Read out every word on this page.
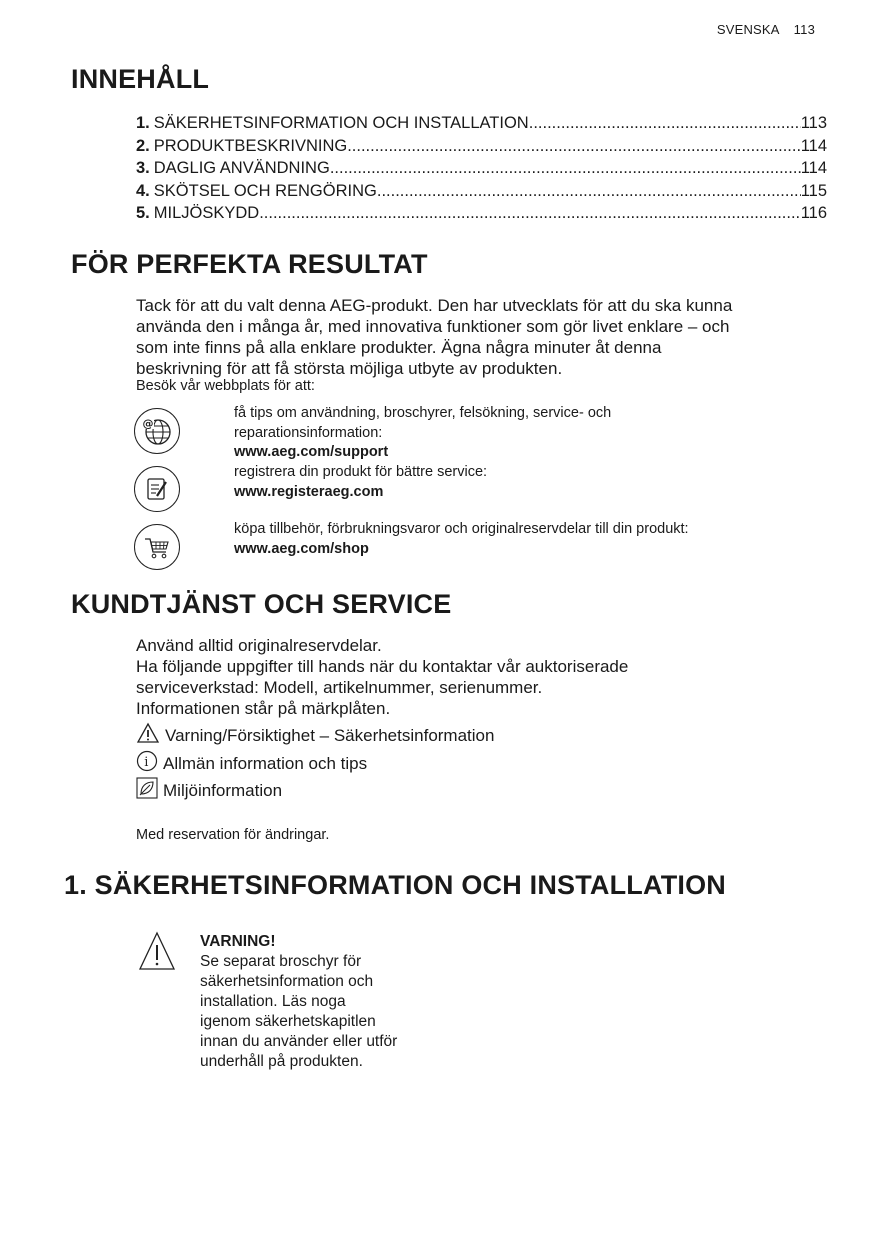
SVENSKA 113
INNEHÅLL
1. SÄKERHETSINFORMATION OCH INSTALLATION .....	113
2. PRODUKTBESKRIVNING .....	114
3. DAGLIG ANVÄNDNING .....	114
4. SKÖTSEL OCH RENGÖRING .....	115
5. MILJÖSKYDD .....	116
FÖR PERFEKTA RESULTAT
Tack för att du valt denna AEG-produkt. Den har utvecklats för att du ska kunna
använda den i många år, med innovativa funktioner som gör livet enklare – och
som inte finns på alla enklare produkter. Ägna några minuter åt denna
beskrivning för att få största möjliga utbyte av produkten.
Besök vår webbplats för att:
@
få tips om användning, broschyrer, felsökning, service- och
reparationsinformation:
www.aeg.com/support
registrera din produkt för bättre service:
www.registeraeg.com
köpa tillbehör, förbrukningsvaror och originalreservdelar till din produkt:
www.aeg.com/shop
KUNDTJÄNST OCH SERVICE
Använd alltid originalreservdelar.
Ha följande uppgifter till hands när du kontaktar vår auktoriserade
serviceverkstad: Modell, artikelnummer, serienummer.
Informationen står på märkplåten.
Varning/Försiktighet – Säkerhetsinformation
i Allmän information och tips
Miljöinformation
Med reservation för ändringar.
1. SÄKERHETSINFORMATION OCH INSTALLATION
VARNING!
Se separat broschyr för
säkerhetsinformation och
installation. Läs noga
igenom säkerhetskapitlen
innan du använder eller utför
underhåll på produkten.
